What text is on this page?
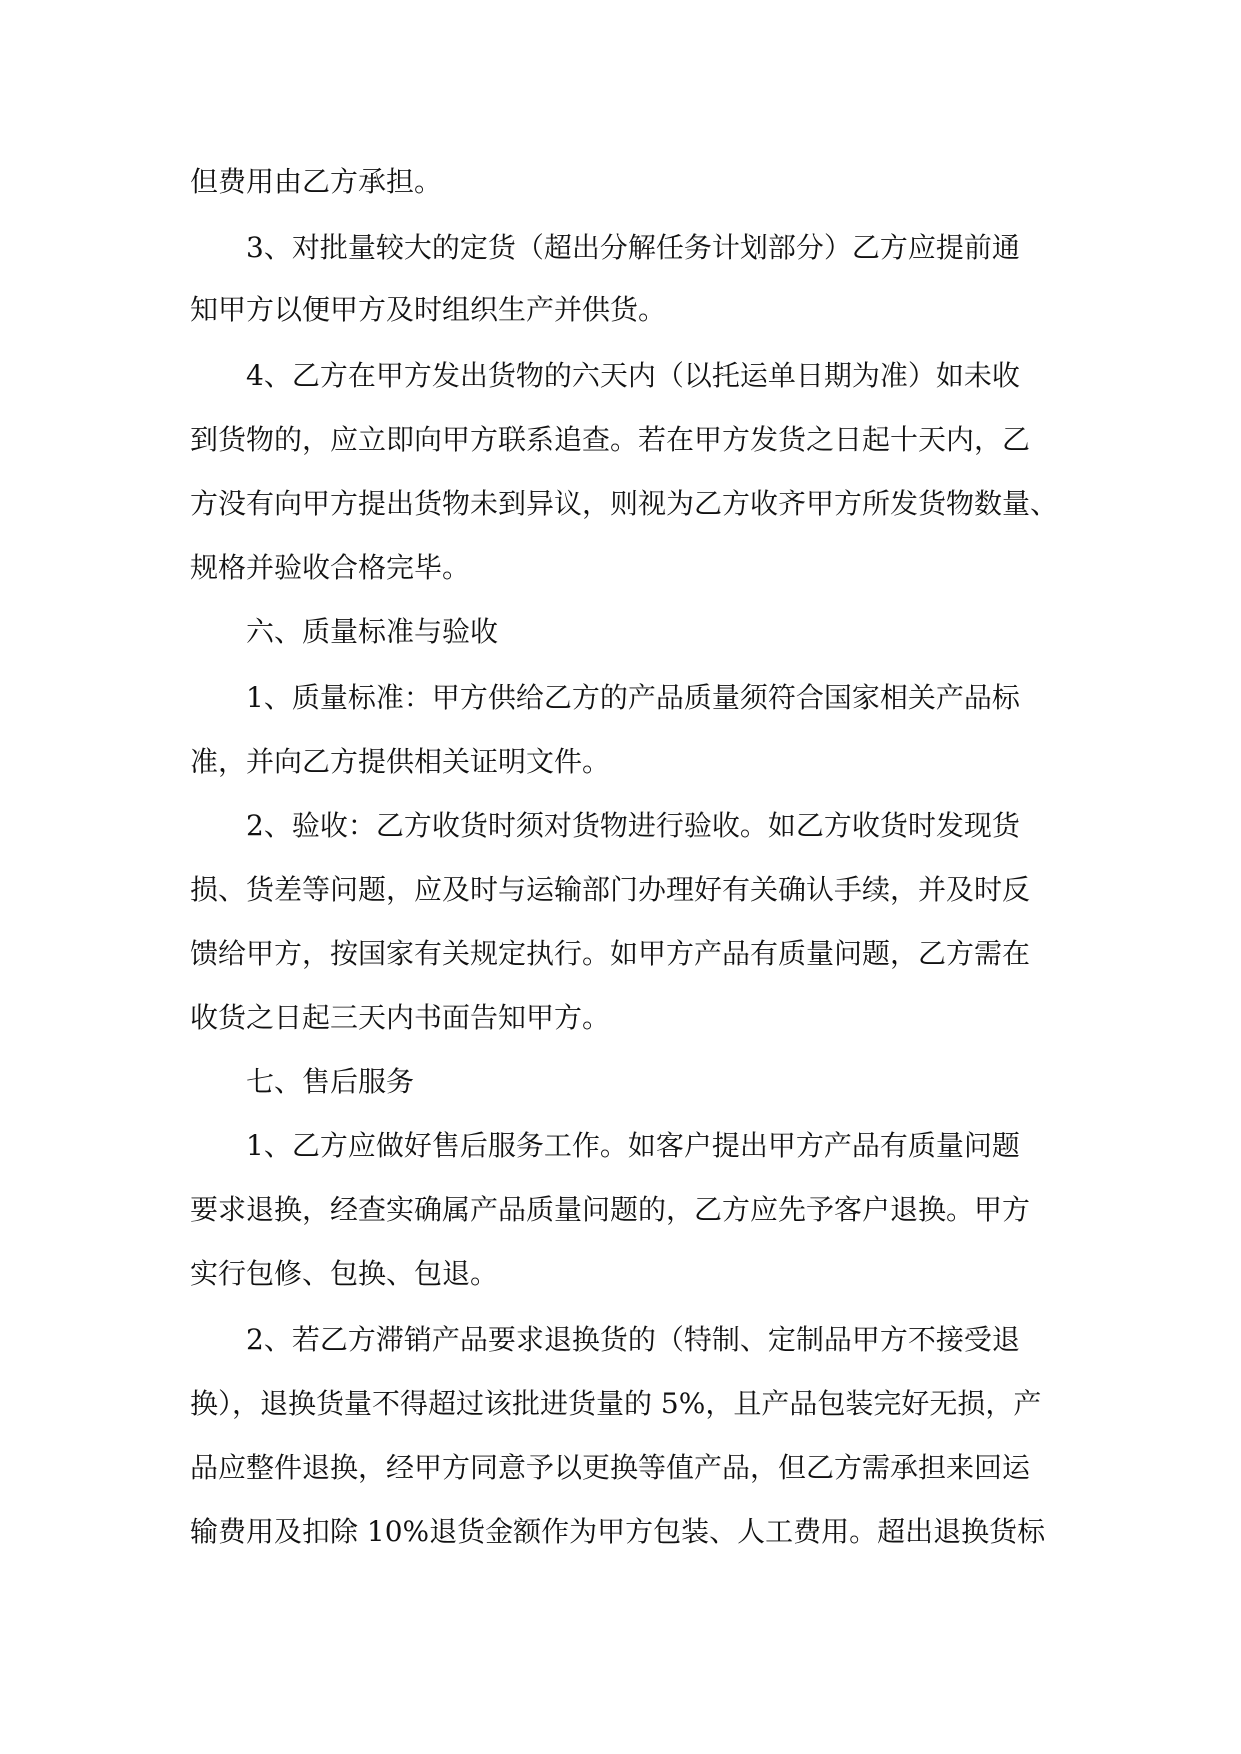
但费用由乙方承担。
3、对批量较大的定货（超出分解任务计划部分）乙方应提前通
知甲方以便甲方及时组织生产并供货。
4、乙方在甲方发出货物的六天内（以托运单日期为准）如未收
到货物的，应立即向甲方联系追查。若在甲方发货之日起十天内，乙
方没有向甲方提出货物未到异议，则视为乙方收齐甲方所发货物数量、
规格并验收合格完毕。
六、质量标准与验收
1、质量标准：甲方供给乙方的产品质量须符合国家相关产品标
准，并向乙方提供相关证明文件。
2、验收：乙方收货时须对货物进行验收。如乙方收货时发现货
损、货差等问题，应及时与运输部门办理好有关确认手续，并及时反
馈给甲方，按国家有关规定执行。如甲方产品有质量问题，乙方需在
收货之日起三天内书面告知甲方。
七、售后服务
1、乙方应做好售后服务工作。如客户提出甲方产品有质量问题
要求退换，经查实确属产品质量问题的，乙方应先予客户退换。甲方
实行包修、包换、包退。
2、若乙方滞销产品要求退换货的（特制、定制品甲方不接受退
换），退换货量不得超过该批进货量的 5%，且产品包装完好无损，产
品应整件退换，经甲方同意予以更换等值产品，但乙方需承担来回运
输费用及扣除 10%退货金额作为甲方包装、人工费用。超出退换货标
